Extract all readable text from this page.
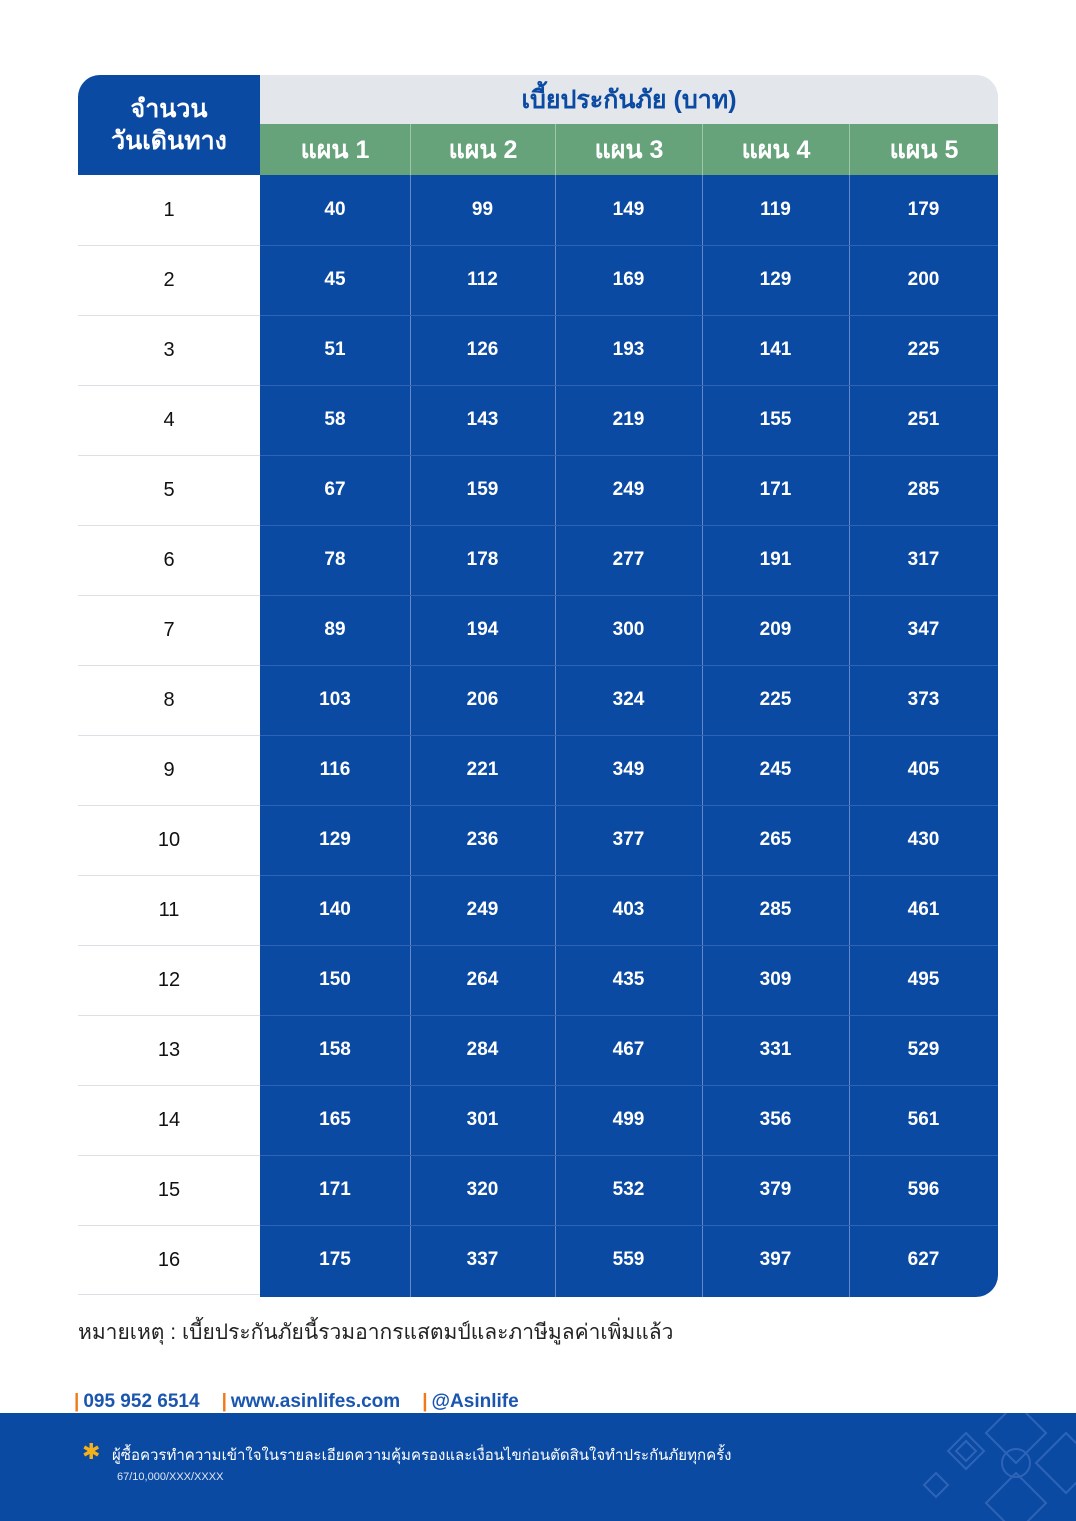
จำนวน
วันเดินทาง
เบี้ยประกันภัย (บาท)
แผน 1	แผน 2	แผน 3	แผน 4	แผน 5
1	40	99	149	119	179
2	45	112	169	129	200
3	51	126	193	141	225
4	58	143	219	155	251
5	67	159	249	171	285
6	78	178	277	191	317
7	89	194	300	209	347
8	103	206	324	225	373
9	116	221	349	245	405
10	129	236	377	265	430
11	140	249	403	285	461
12	150	264	435	309	495
13	158	284	467	331	529
14	165	301	499	356	561
15	171	320	532	379	596
16	175	337	559	397	627
หมายเหตุ : เบี้ยประกันภัยนี้รวมอากรแสตมป์และภาษีมูลค่าเพิ่มแล้ว
| 095 952 6514 | www.asinlifes.com | @Asinlife
✱ ผู้ซื้อควรทำความเข้าใจในรายละเอียดความคุ้มครองและเงื่อนไขก่อนตัดสินใจทำประกันภัยทุกครั้ง
67/10,000/XXX/XXXX
